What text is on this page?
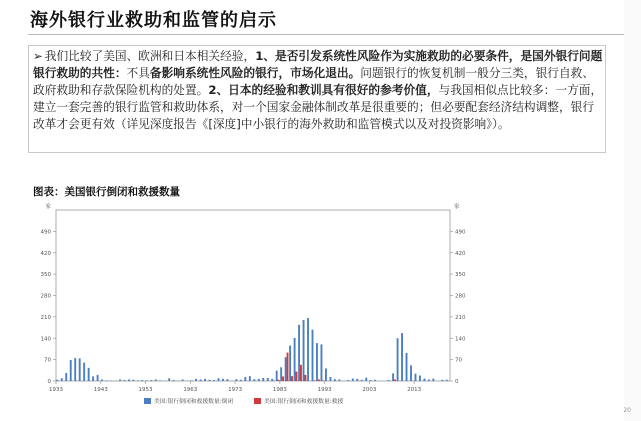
海外银行业救助和监管的启示
➢ 我们比较了美国、欧洲和日本相关经验，1、是否引发系统性风险作为实施救助的必要条件，是国外银行问题银行救助的共性：不具备影响系统性风险的银行，市场化退出。问题银行的恢复机制一般分三类，银行自救、政府救助和存款保险机构的处置。2、日本的经验和教训具有很好的参考价值，与我国相似点比较多：一方面，建立一套完善的银行监管和救助体系，对一个国家金融体制改革是很重要的；但必要配套经济结构调整，银行改革才会更有效（详见深度报告《[深度]中小银行的海外救助和监管模式以及对投资影响》）。
图表：美国银行倒闭和救援数量
0	0
70	70
140	140
210	210
280	280
350	350
420	420
490	490
家	家
1933	1943	1953	1963	1973	1983	1993	2003	2013
美国:银行倒闭和救援数量:倒闭	美国:银行倒闭和救援数量:救援
20
